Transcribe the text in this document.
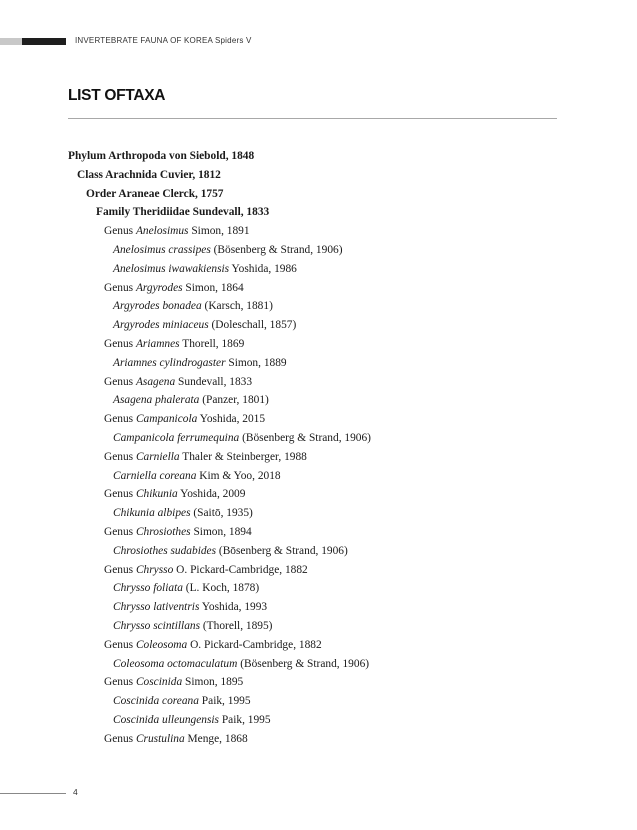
INVERTEBRATE FAUNA OF KOREA Spiders V
LIST OFTAXA
Phylum Arthropoda von Siebold, 1848
Class Arachnida Cuvier, 1812
Order Araneae Clerck, 1757
Family Theridiidae Sundevall, 1833
Genus Anelosimus Simon, 1891
Anelosimus crassipes (Bösenberg & Strand, 1906)
Anelosimus iwawakiensis Yoshida, 1986
Genus Argyrodes Simon, 1864
Argyrodes bonadea (Karsch, 1881)
Argyrodes miniaceus (Doleschall, 1857)
Genus Ariamnes Thorell, 1869
Ariamnes cylindrogaster Simon, 1889
Genus Asagena Sundevall, 1833
Asagena phalerata (Panzer, 1801)
Genus Campanicola Yoshida, 2015
Campanicola ferrumequina (Bösenberg & Strand, 1906)
Genus Carniella Thaler & Steinberger, 1988
Carniella coreana Kim & Yoo, 2018
Genus Chikunia Yoshida, 2009
Chikunia albipes (Saitō, 1935)
Genus Chrosiothes Simon, 1894
Chrosiothes sudabides (Bōsenberg & Strand, 1906)
Genus Chrysso O. Pickard-Cambridge, 1882
Chrysso foliata (L. Koch, 1878)
Chrysso lativentris Yoshida, 1993
Chrysso scintillans (Thorell, 1895)
Genus Coleosoma O. Pickard-Cambridge, 1882
Coleosoma octomaculatum (Bösenberg & Strand, 1906)
Genus Coscinida Simon, 1895
Coscinida coreana Paik, 1995
Coscinida ulleungensis Paik, 1995
Genus Crustulina Menge, 1868
4
